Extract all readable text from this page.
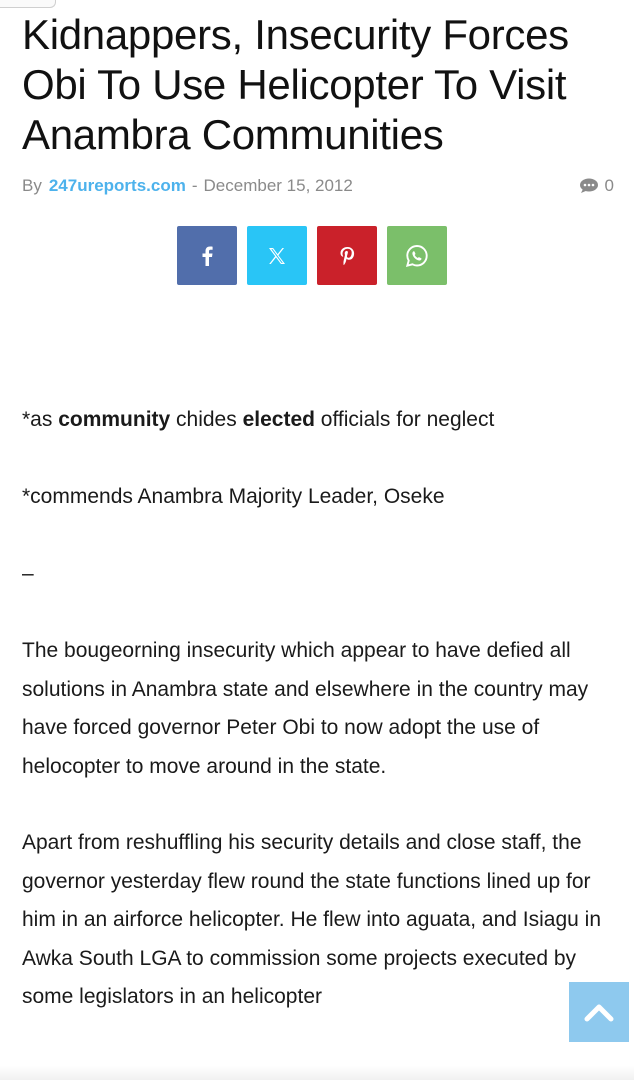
Kidnappers, Insecurity Forces Obi To Use Helicopter To Visit Anambra Communities
By 247ureports.com - December 15, 2012	0

*as community chides elected officials for neglect

*commends Anambra Majority Leader, Oseke

–

The bougeorning insecurity which appear to have defied all solutions in Anambra state and elsewhere in the country may have forced governor Peter Obi to now adopt the use of helocopter to move around in the state.

Apart from reshuffling his security details and close staff, the governor yesterday flew round the state functions lined up for him in an airforce helicopter. He flew into aguata, and Isiagu in Awka South LGA to commission some projects executed by some legislators in an helicopter
